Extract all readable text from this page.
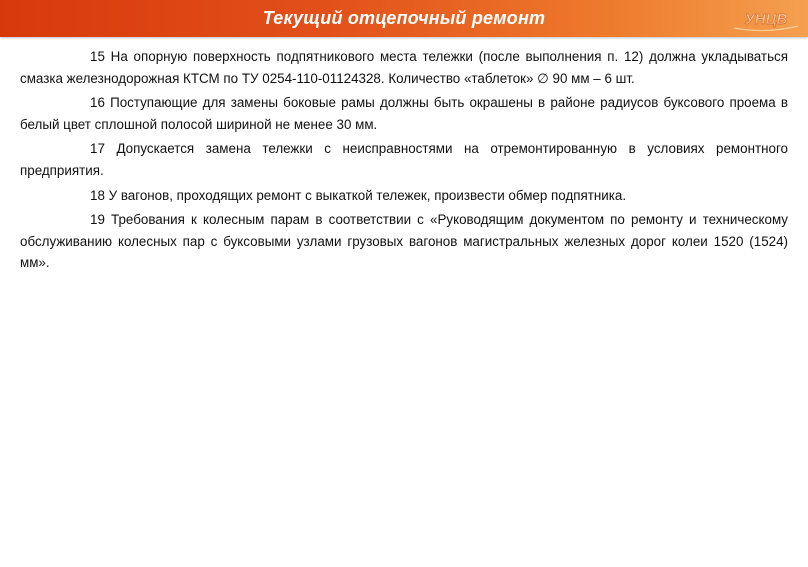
Текущий отцепочный ремонт	УНЦВ

15 На опорную поверхность подпятникового места тележки (после выполнения п. 12) должна укладываться смазка железнодорожная КТСМ по ТУ 0254-110-01124328. Количество «таблеток» ∅ 90 мм – 6 шт.

16 Поступающие для замены боковые рамы должны быть окрашены в районе радиусов буксового проема в белый цвет сплошной полосой шириной не менее 30 мм.

17 Допускается замена тележки с неисправностями на отремонтированную в условиях ремонтного предприятия.

18 У вагонов, проходящих ремонт с выкаткой тележек, произвести обмер подпятника.

19 Требования к колесным парам в соответствии с «Руководящим документом по ремонту и техническому обслуживанию колесных пар с буксовыми узлами грузовых вагонов магистральных железных дорог колеи 1520 (1524) мм».
